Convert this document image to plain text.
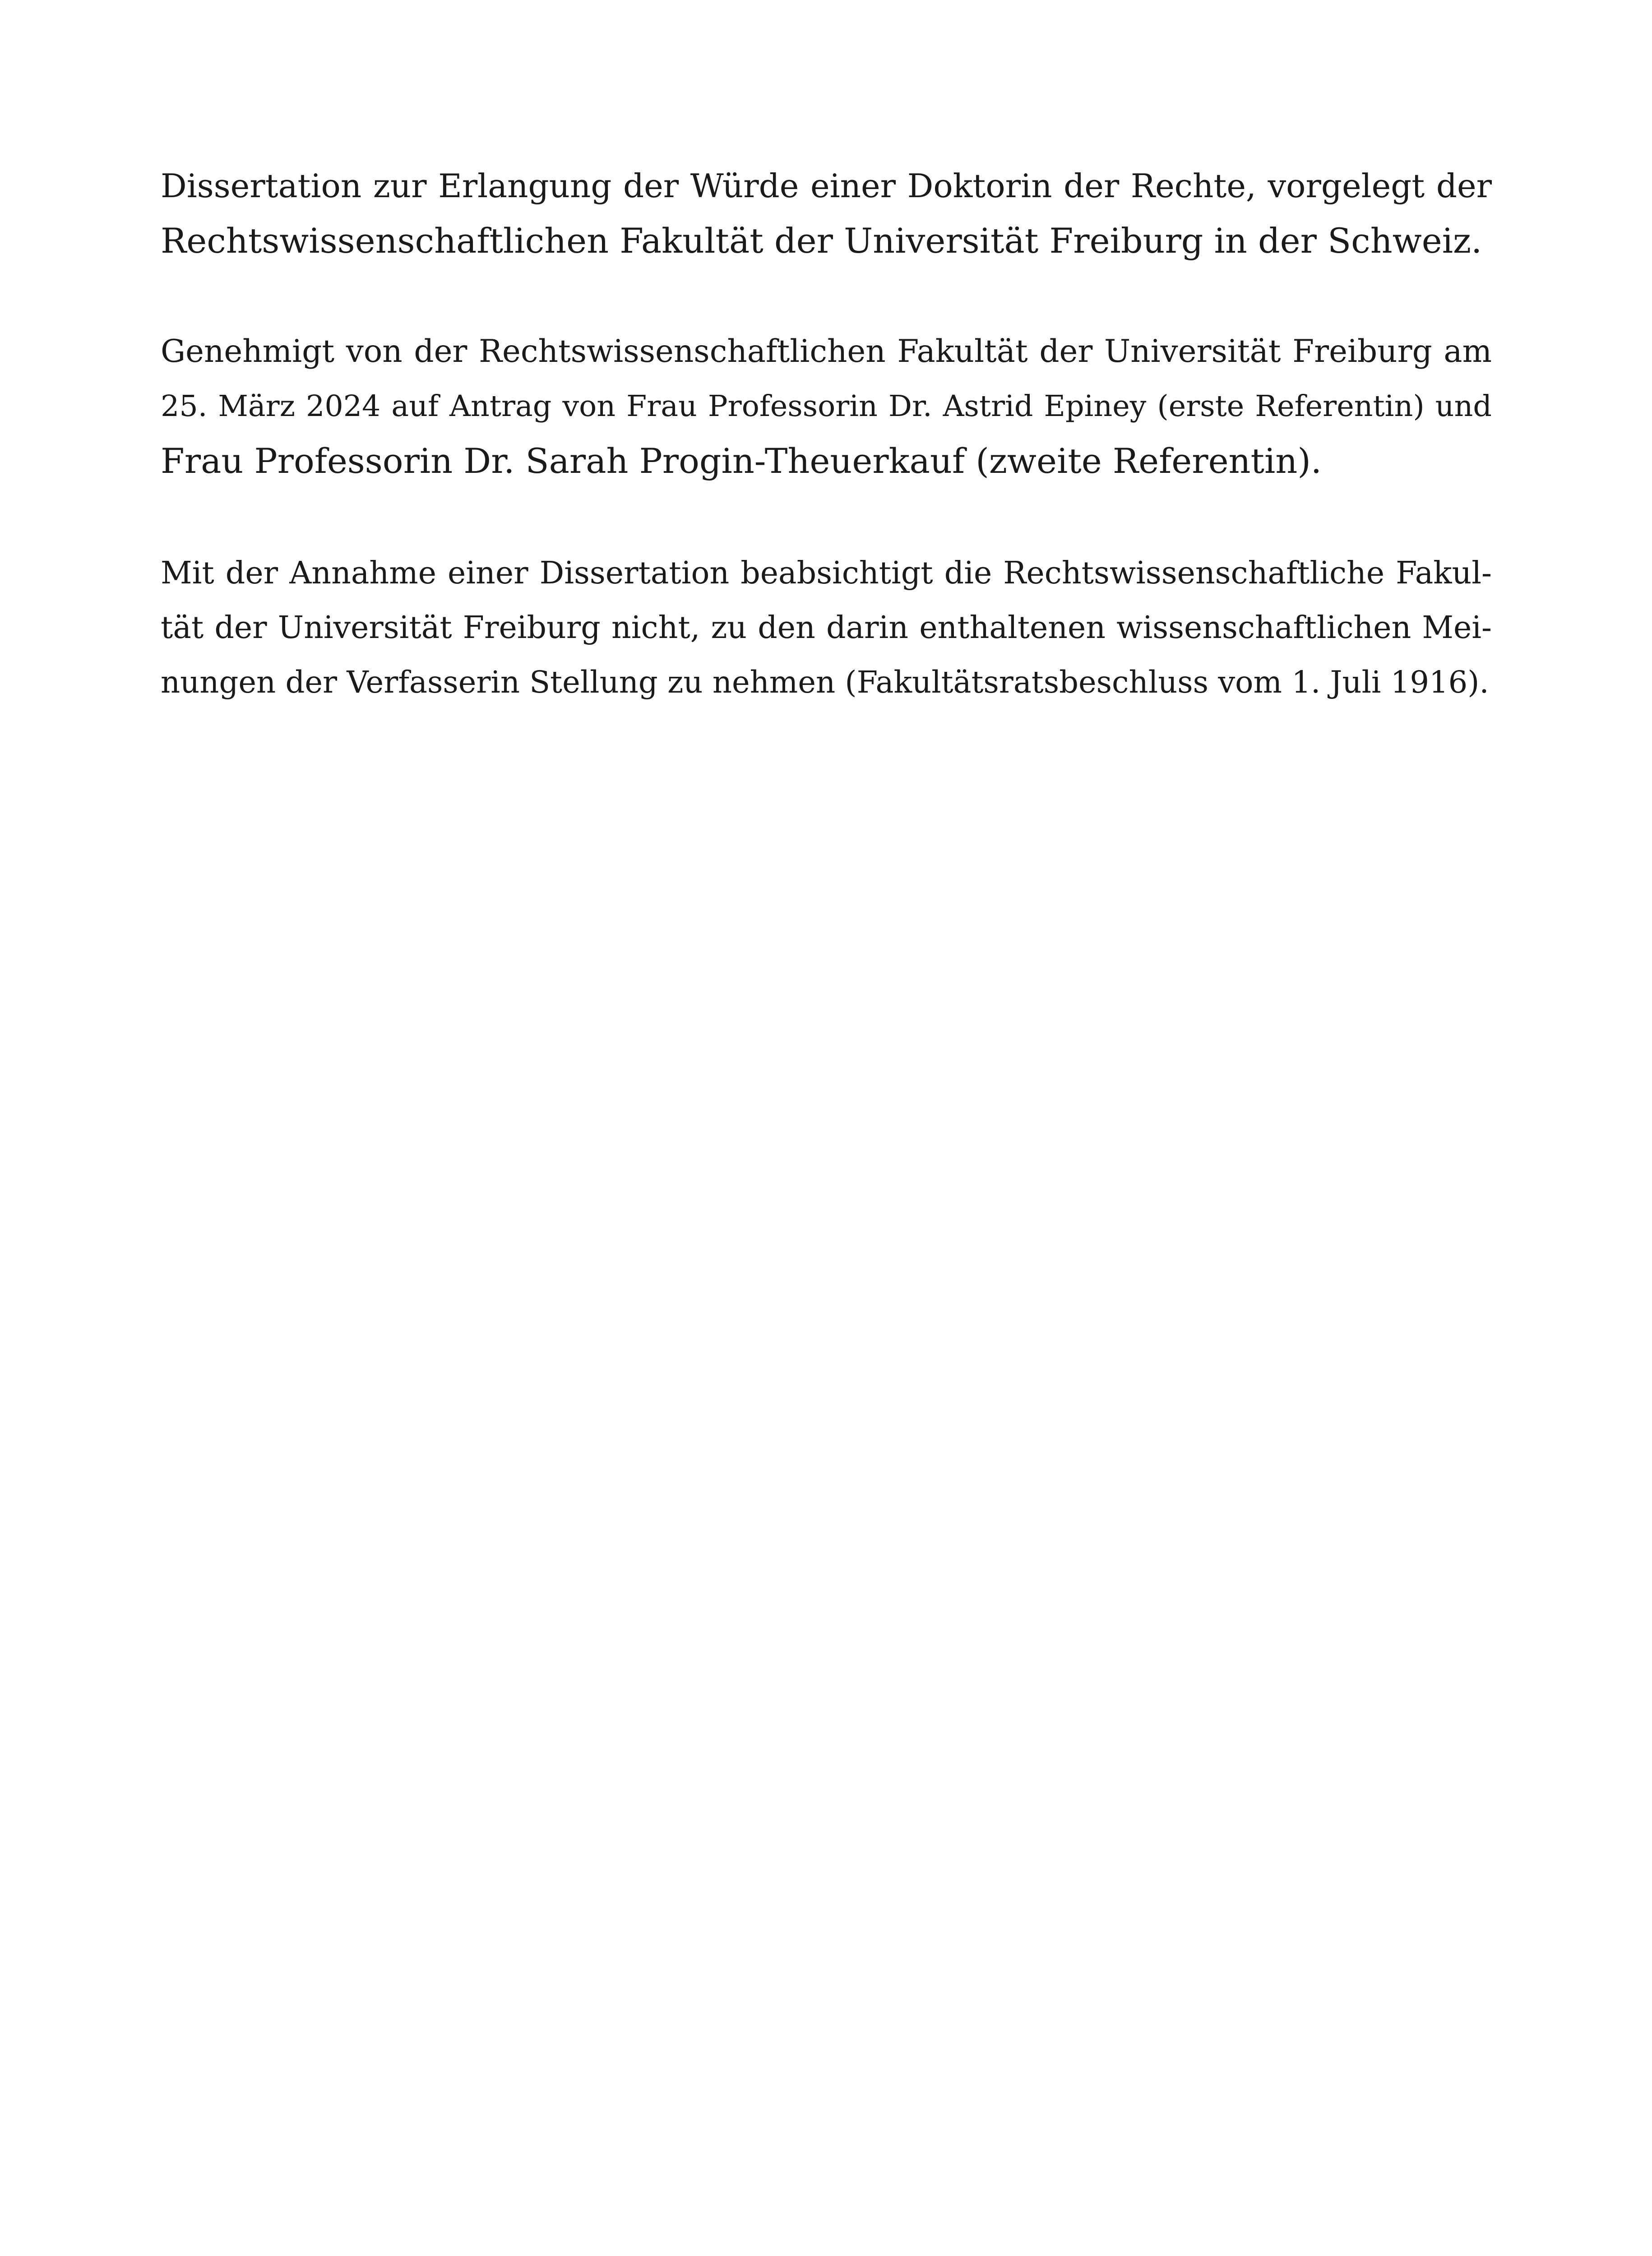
Dissertation zur Erlangung der Würde einer Doktorin der Rechte, vorgelegt der
Rechtswissenschaftlichen Fakultät der Universität Freiburg in der Schweiz.
Genehmigt von der Rechtswissenschaftlichen Fakultät der Universität Freiburg am
25. März 2024 auf Antrag von Frau Professorin Dr. Astrid Epiney (erste Referentin) und
Frau Professorin Dr. Sarah Progin-Theuerkauf (zweite Referentin).
Mit der Annahme einer Dissertation beabsichtigt die Rechtswissenschaftliche Fakul-
tät der Universität Freiburg nicht, zu den darin enthaltenen wissenschaftlichen Mei-
nungen der Verfasserin Stellung zu nehmen (Fakultätsratsbeschluss vom 1. Juli 1916).
